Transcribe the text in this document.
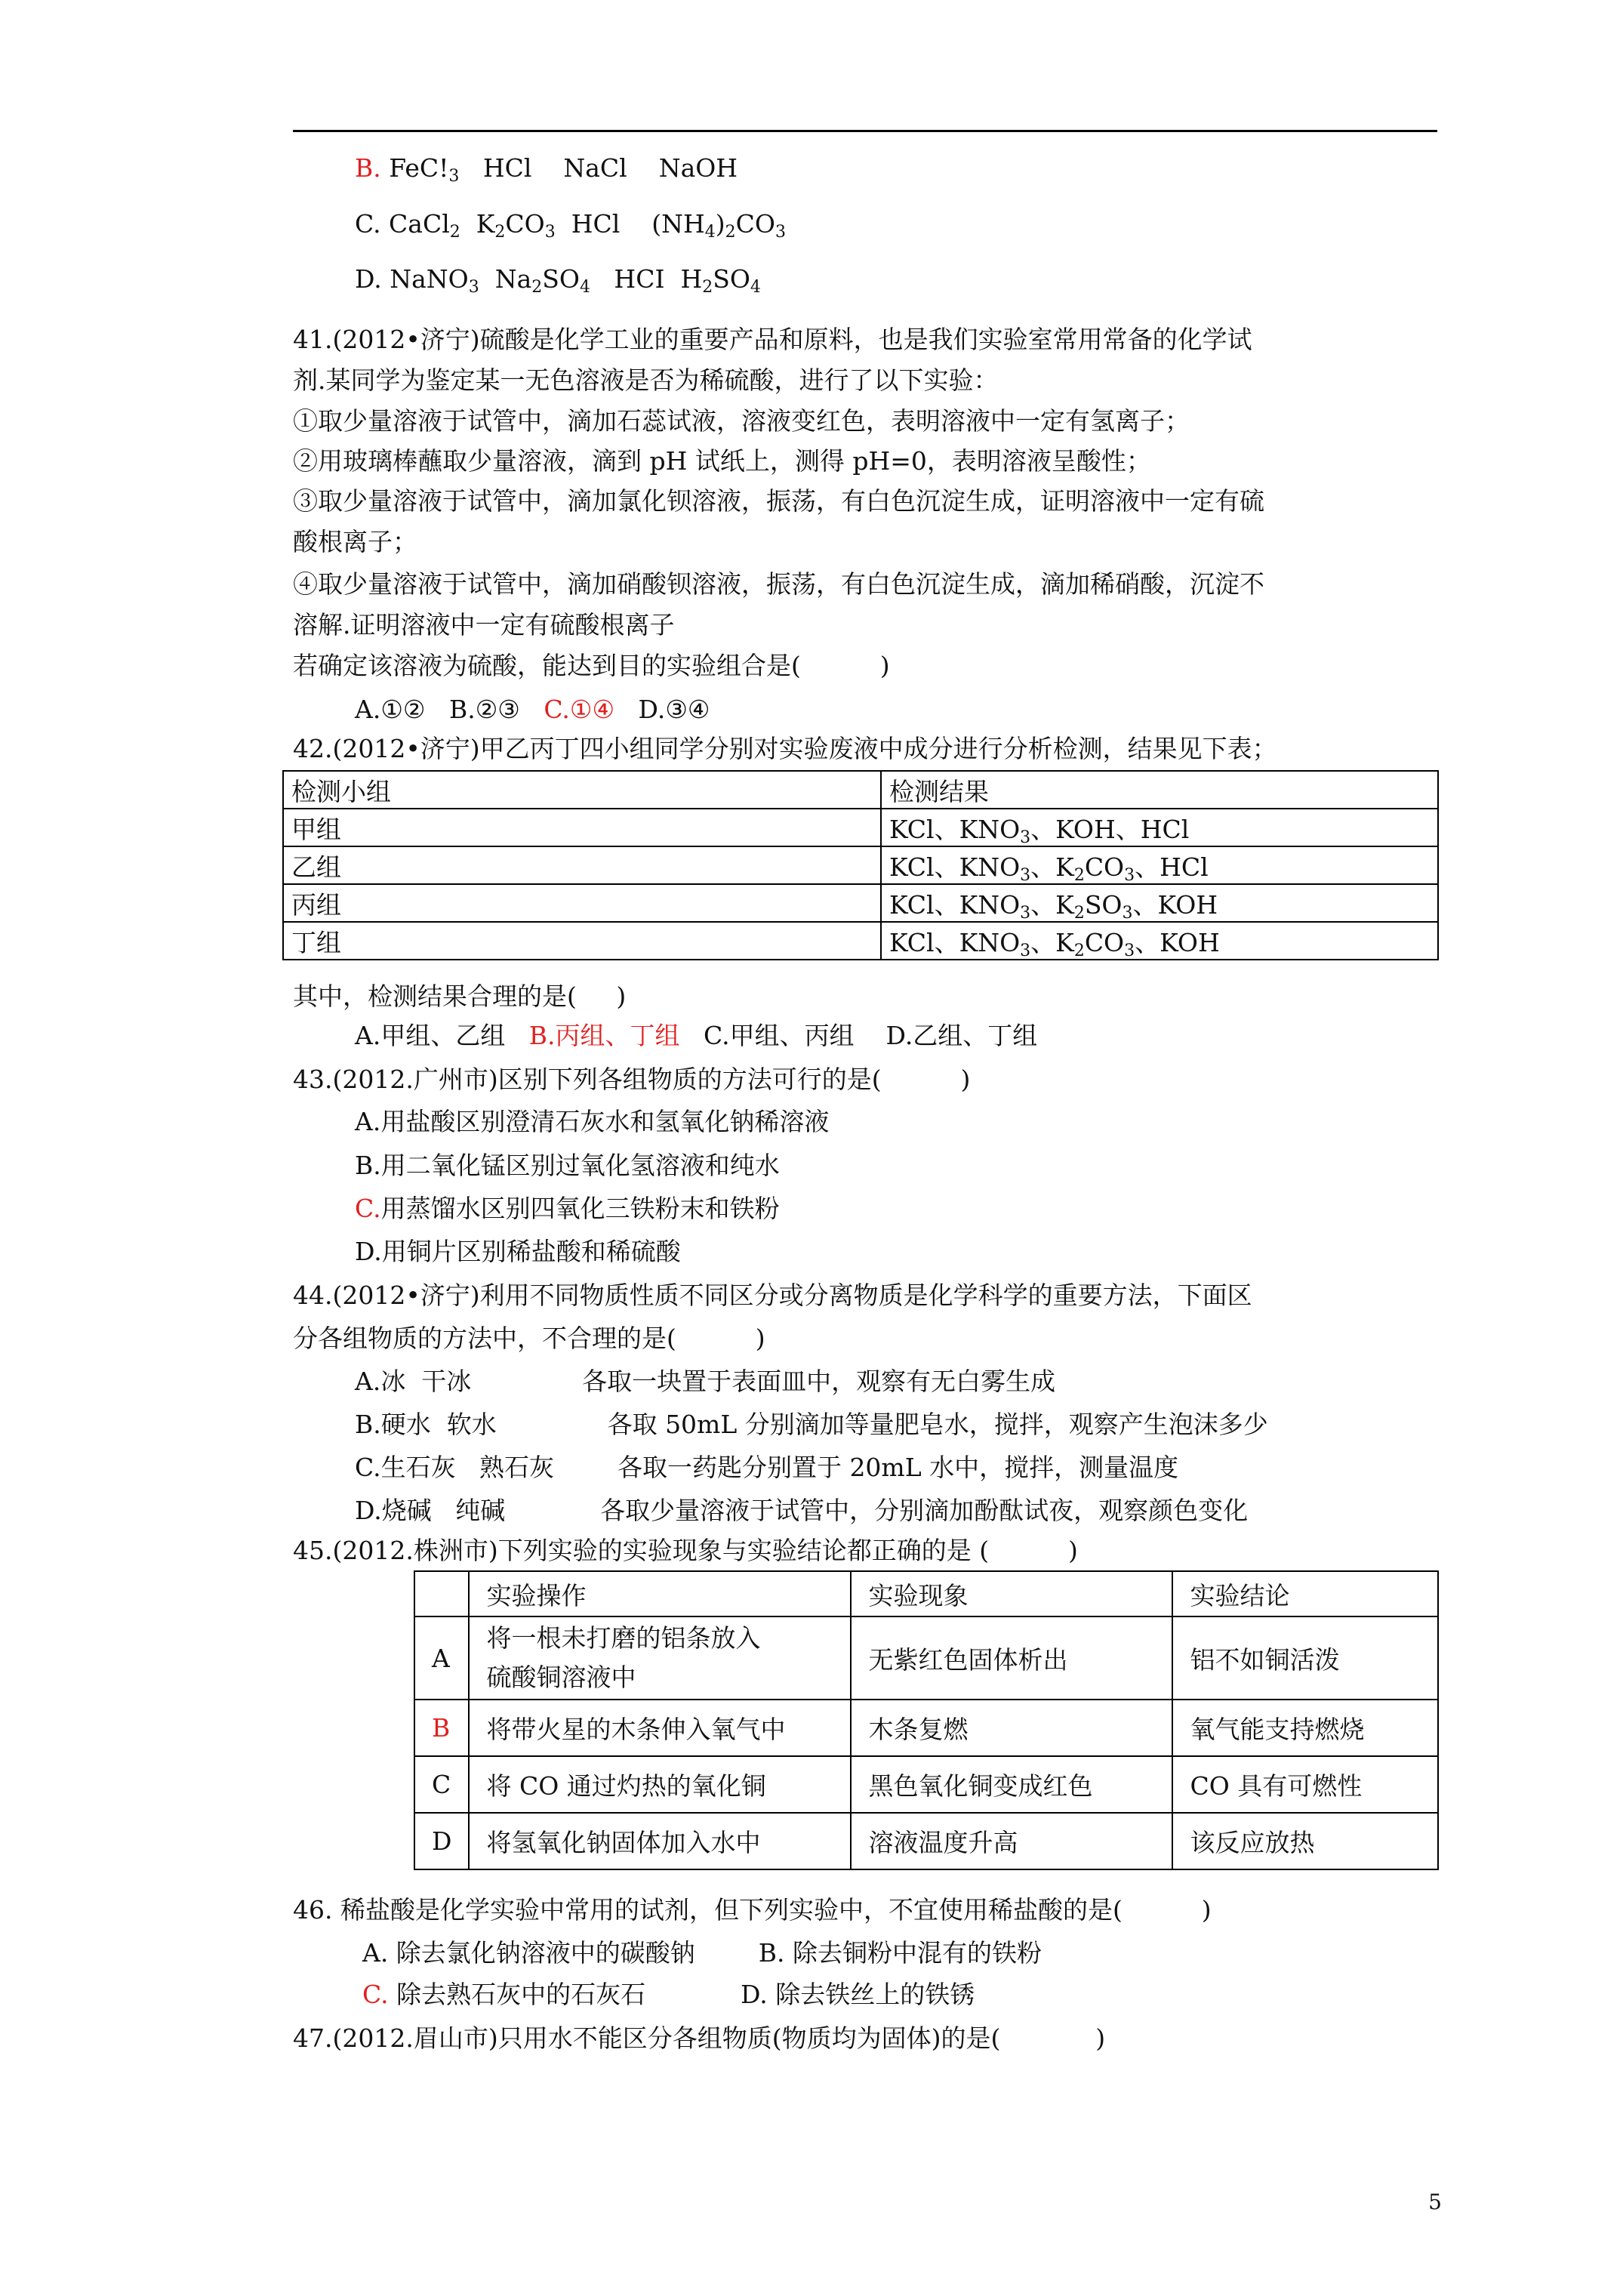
B. $FeC!_3$   HCl    NaCl    NaOH
C. CaCl$_2$  $K_2CO_3$  HCl    $(NH_4)_2CO_3$
D. NaNO$_3$  $Na_2SO_4$   HCI  $H_2SO_4$
41.(2012•济宁)硫酸是化学工业的重要产品和原料，也是我们实验室常用常备的化学试
剂.某同学为鉴定某一无色溶液是否为稀硫酸，进行了以下实验：
①取少量溶液于试管中，滴加石蕊试液，溶液变红色，表明溶液中一定有氢离子；
②用玻璃棒蘸取少量溶液，滴到 pH 试纸上，测得 pH=0，表明溶液呈酸性；
③取少量溶液于试管中，滴加氯化钡溶液，振荡，有白色沉淀生成，证明溶液中一定有硫
酸根离子；
④取少量溶液于试管中，滴加硝酸钡溶液，振荡，有白色沉淀生成，滴加稀硝酸，沉淀不
溶解.证明溶液中一定有硫酸根离子
若确定该溶液为硫酸，能达到目的实验组合是(          )
A.①②   B.②③   C.①④   D.③④
42.(2012•济宁)甲乙丙丁四小组同学分别对实验废液中成分进行分析检测，结果见下表；
检测小组	检测结果
甲组	KCl、$KNO_3$、KOH、HCl
乙组	KCl、$KNO_3$、$K_2CO_3$、HCl
丙组	KCl、$KNO_3$、$K_2SO_3$、KOH
丁组	KCl、$KNO_3$、$K_2CO_3$、KOH
其中，检测结果合理的是(     )
A.甲组、乙组   B.丙组、丁组   C.甲组、丙组    D.乙组、丁组
43.(2012.广州市)区别下列各组物质的方法可行的是(          )
A.用盐酸区别澄清石灰水和氢氧化钠稀溶液
B.用二氧化锰区别过氧化氢溶液和纯水
C.用蒸馏水区别四氧化三铁粉末和铁粉
D.用铜片区别稀盐酸和稀硫酸
44.(2012•济宁)利用不同物质性质不同区分或分离物质是化学科学的重要方法，下面区
分各组物质的方法中，不合理的是(          )
A.冰  干冰              各取一块置于表面皿中，观察有无白雾生成
B.硬水  软水              各取 50mL 分别滴加等量肥皂水，搅拌，观察产生泡沫多少
C.生石灰   熟石灰        各取一药匙分别置于 20mL 水中，搅拌，测量温度
D.烧碱   纯碱            各取少量溶液于试管中，分别滴加酚酞试夜，观察颜色变化
45.(2012.株洲市)下列实验的实验现象与实验结论都正确的是 (          )
	实验操作	实验现象	实验结论
A	将一根未打磨的铝条放入
硫酸铜溶液中	无紫红色固体析出	铝不如铜活泼
B	将带火星的木条伸入氧气中	木条复燃	氧气能支持燃烧
C	将 CO 通过灼热的氧化铜	黑色氧化铜变成红色	CO 具有可燃性
D	将氢氧化钠固体加入水中	溶液温度升高	该反应放热
46. 稀盐酸是化学实验中常用的试剂，但下列实验中，不宜使用稀盐酸的是(          )
A. 除去氯化钠溶液中的碳酸钠        B. 除去铜粉中混有的铁粉
C. 除去熟石灰中的石灰石            D. 除去铁丝上的铁锈
47.(2012.眉山市)只用水不能区分各组物质(物质均为固体)的是(            )
5
